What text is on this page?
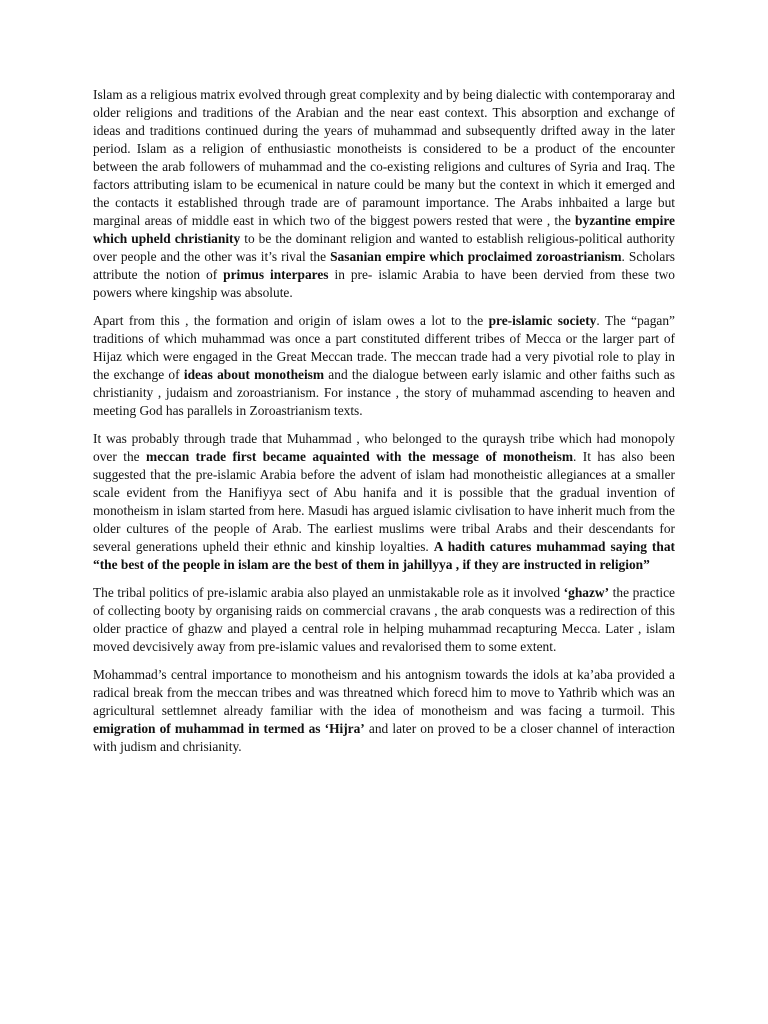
Islam as a religious matrix evolved through great complexity and by being dialectic with contemporaray and older religions and traditions of the Arabian and the near east context. This absorption and exchange of ideas and traditions continued during the years of muhammad and subsequently drifted away in the later period. Islam as a religion of enthusiastic monotheists is considered to be a product of the encounter between the arab followers of muhammad and the co-existing religions and cultures of Syria and Iraq. The factors attributing islam to be ecumenical in nature could be many but the context in which it emerged and the contacts it established through trade are of paramount importance. The Arabs inhbaited a large but marginal areas of middle east in which two of the biggest powers rested that were , the byzantine empire which upheld christianity to be the dominant religion and wanted to establish religious-political authority over people and the other was it’s rival the Sasanian empire which proclaimed zoroastrianism. Scholars attribute the notion of primus interpares in pre- islamic Arabia to have been dervied from these two powers where kingship was absolute.

Apart from this , the formation and origin of islam owes a lot to the pre-islamic society. The “pagan” traditions of which muhammad was once a part constituted different tribes of Mecca or the larger part of Hijaz which were engaged in the Great Meccan trade. The meccan trade had a very pivotial role to play in the exchange of ideas about monotheism and the dialogue between early islamic and other faiths such as christianity , judaism and zoroastrianism. For instance , the story of muhammad ascending to heaven and meeting God has parallels in Zoroastrianism texts.

It was probably through trade that Muhammad , who belonged to the quraysh tribe which had monopoly over the meccan trade first became aquainted with the message of monotheism. It has also been suggested that the pre-islamic Arabia before the advent of islam had monotheistic allegiances at a smaller scale evident from the Hanifiyya sect of Abu hanifa and it is possible that the gradual invention of monotheism in islam started from here. Masudi has argued islamic civlisation to have inherit much from the older cultures of the people of Arab. The earliest muslims were tribal Arabs and their descendants for several generations upheld their ethnic and kinship loyalties. A hadith catures muhammad saying that “the best of the people in islam are the best of them in jahillyya , if they are instructed in religion”

The tribal politics of pre-islamic arabia also played an unmistakable role as it involved ‘ghazw’ the practice of collecting booty by organising raids on commercial cravans , the arab conquests was a redirection of this older practice of ghazw and played a central role in helping muhammad recapturing Mecca. Later , islam moved devcisively away from pre-islamic values and revalorised them to some extent.

Mohammad’s central importance to monotheism and his antognism towards the idols at ka’aba provided a radical break from the meccan tribes and was threatned which forecd him to move to Yathrib which was an agricultural settlemnet already familiar with the idea of monotheism and was facing a turmoil. This emigration of muhammad in termed as ‘Hijra’ and later on proved to be a closer channel of interaction with judism and chrisianity.
